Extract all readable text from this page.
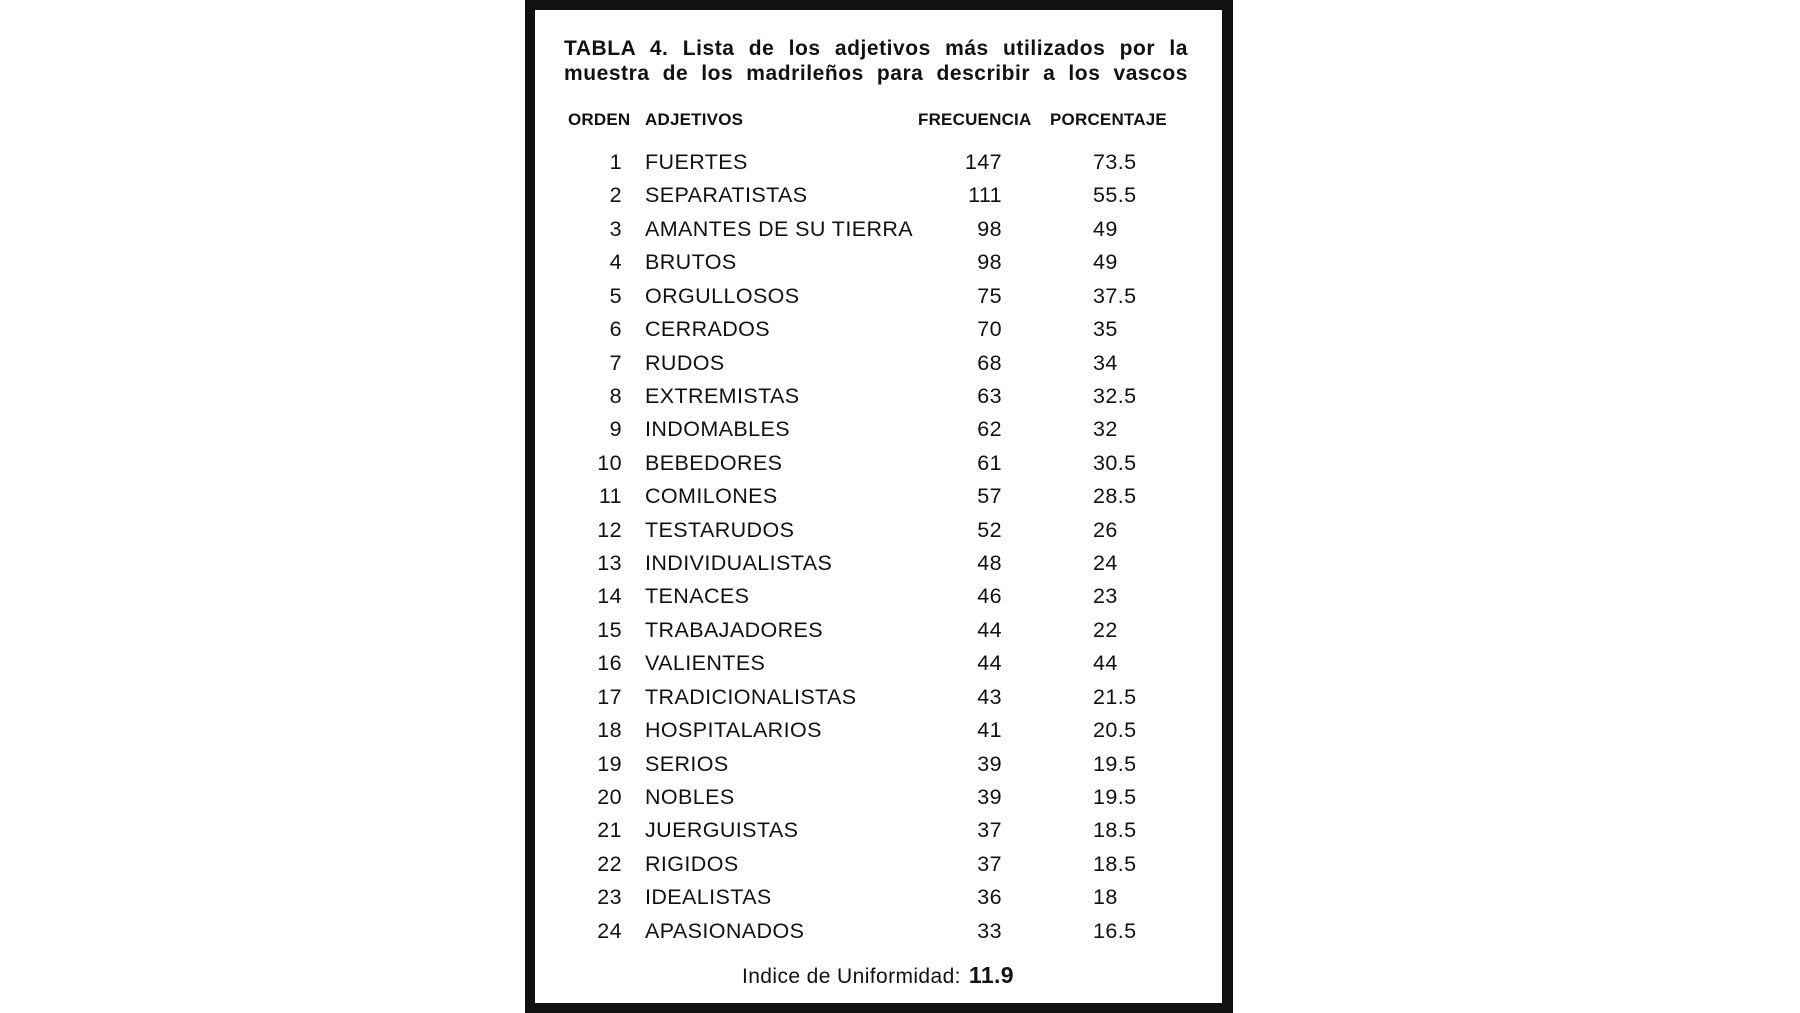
TABLA 4. Lista de los adjetivos más utilizados por la
muestra de los madrileños para describir a los vascos
ORDEN ADJETIVOS	FRECUENCIA PORCENTAJE
1 FUERTES	147	73.5
2 SEPARATISTAS	111	55.5
3 AMANTES DE SU TIERRA	98	49
4 BRUTOS	98	49
5 ORGULLOSOS	75	37.5
6 CERRADOS	70	35
7 RUDOS	68	34
8 EXTREMISTAS	63	32.5
9 INDOMABLES	62	32
10 BEBEDORES	61	30.5
11 COMILONES	57	28.5
12 TESTARUDOS	52	26
13 INDIVIDUALISTAS	48	24
14 TENACES	46	23
15 TRABAJADORES	44	22
16 VALIENTES	44	44
17 TRADICIONALISTAS	43	21.5
18 HOSPITALARIOS	41	20.5
19 SERIOS	39	19.5
20 NOBLES	39	19.5
21 JUERGUISTAS	37	18.5
22 RIGIDOS	37	18.5
23 IDEALISTAS	36	18
24 APASIONADOS	33	16.5
Indice de Uniformidad: 11.9
